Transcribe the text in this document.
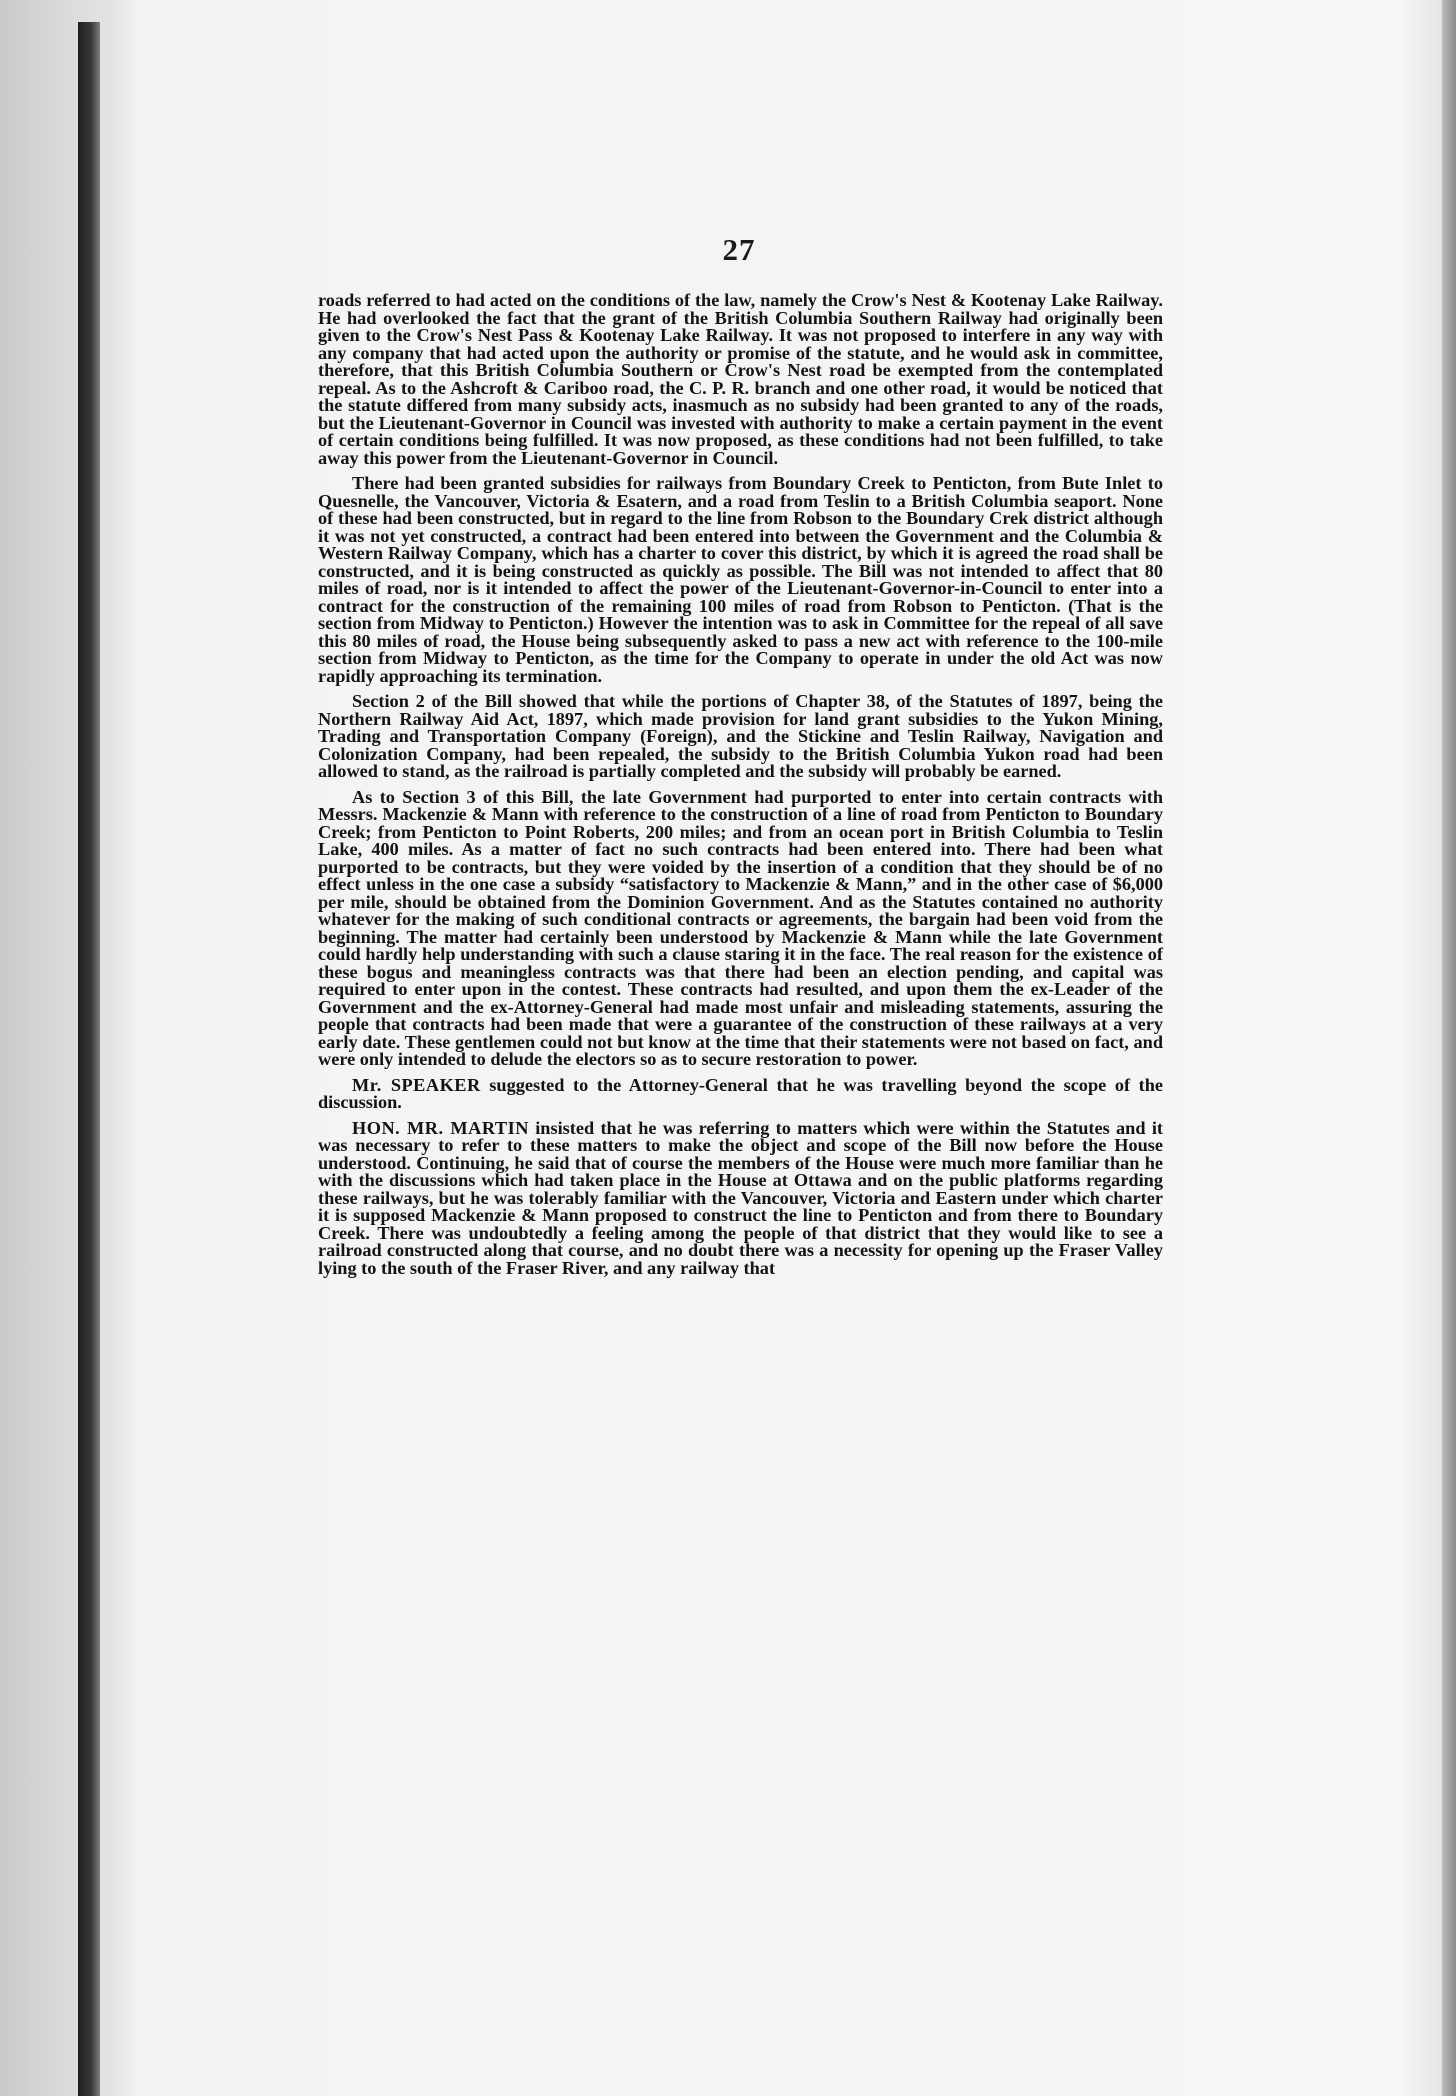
27

roads referred to had acted on the conditions of the law, namely the Crow's Nest & Kootenay Lake Railway. He had overlooked the fact that the grant of the British Columbia Southern Railway had originally been given to the Crow's Nest Pass & Kootenay Lake Railway. It was not proposed to interfere in any way with any company that had acted upon the authority or promise of the statute, and he would ask in committee, therefore, that this British Columbia Southern or Crow's Nest road be exempted from the contemplated repeal. As to the Ashcroft & Cariboo road, the C. P. R. branch and one other road, it would be noticed that the statute differed from many subsidy acts, inasmuch as no subsidy had been granted to any of the roads, but the Lieutenant-Governor in Council was invested with authority to make a certain payment in the event of certain conditions being fulfilled. It was now proposed, as these conditions had not been fulfilled, to take away this power from the Lieutenant-Governor in Council.

There had been granted subsidies for railways from Boundary Creek to Penticton, from Bute Inlet to Quesnelle, the Vancouver, Victoria & Esatern, and a road from Teslin to a British Columbia seaport. None of these had been constructed, but in regard to the line from Robson to the Boundary Crek district although it was not yet constructed, a contract had been entered into between the Government and the Columbia & Western Railway Company, which has a charter to cover this district, by which it is agreed the road shall be constructed, and it is being constructed as quickly as possible. The Bill was not intended to affect that 80 miles of road, nor is it intended to affect the power of the Lieutenant-Governor-in-Council to enter into a contract for the construction of the remaining 100 miles of road from Robson to Penticton. (That is the section from Midway to Penticton.) However the intention was to ask in Committee for the repeal of all save this 80 miles of road, the House being subsequently asked to pass a new act with reference to the 100-mile section from Midway to Penticton, as the time for the Company to operate in under the old Act was now rapidly approaching its termination.

Section 2 of the Bill showed that while the portions of Chapter 38, of the Statutes of 1897, being the Northern Railway Aid Act, 1897, which made provision for land grant subsidies to the Yukon Mining, Trading and Transportation Company (Foreign), and the Stickine and Teslin Railway, Navigation and Colonization Company, had been repealed, the subsidy to the British Columbia Yukon road had been allowed to stand, as the railroad is partially completed and the subsidy will probably be earned.

As to Section 3 of this Bill, the late Government had purported to enter into certain contracts with Messrs. Mackenzie & Mann with reference to the construction of a line of road from Penticton to Boundary Creek; from Penticton to Point Roberts, 200 miles; and from an ocean port in British Columbia to Teslin Lake, 400 miles. As a matter of fact no such contracts had been entered into. There had been what purported to be contracts, but they were voided by the insertion of a condition that they should be of no effect unless in the one case a subsidy “satisfactory to Mackenzie & Mann,” and in the other case of $6,000 per mile, should be obtained from the Dominion Government. And as the Statutes contained no authority whatever for the making of such conditional contracts or agreements, the bargain had been void from the beginning. The matter had certainly been understood by Mackenzie & Mann while the late Government could hardly help understanding with such a clause staring it in the face. The real reason for the existence of these bogus and meaningless contracts was that there had been an election pending, and capital was required to enter upon in the contest. These contracts had resulted, and upon them the ex-Leader of the Government and the ex-Attorney-General had made most unfair and misleading statements, assuring the people that contracts had been made that were a guarantee of the construction of these railways at a very early date. These gentlemen could not but know at the time that their statements were not based on fact, and were only intended to delude the electors so as to secure restoration to power.

Mr. SPEAKER suggested to the Attorney-General that he was travelling beyond the scope of the discussion.

HON. MR. MARTIN insisted that he was referring to matters which were within the Statutes and it was necessary to refer to these matters to make the object and scope of the Bill now before the House understood. Continuing, he said that of course the members of the House were much more familiar than he with the discussions which had taken place in the House at Ottawa and on the public platforms regarding these railways, but he was tolerably familiar with the Vancouver, Victoria and Eastern under which charter it is supposed Mackenzie & Mann proposed to construct the line to Penticton and from there to Boundary Creek. There was undoubtedly a feeling among the people of that district that they would like to see a railroad constructed along that course, and no doubt there was a necessity for opening up the Fraser Valley lying to the south of the Fraser River, and any railway that
